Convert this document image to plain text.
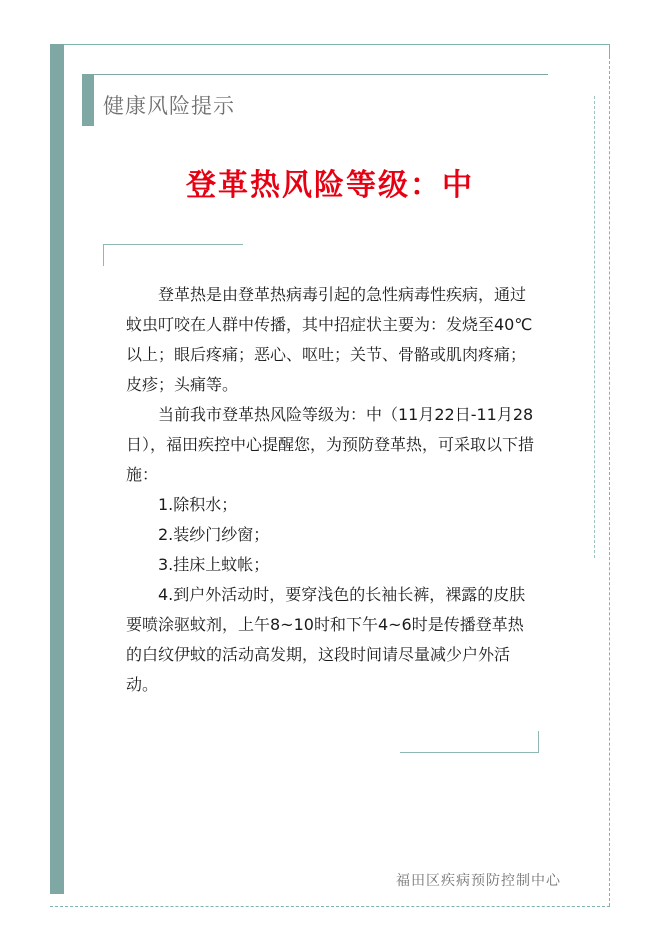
健康风险提示
登革热风险等级：中

登革热是由登革热病毒引起的急性病毒性疾病，通过蚊虫叮咬在人群中传播，其中招症状主要为：发烧至40℃以上；眼后疼痛；恶心、呕吐；关节、骨骼或肌肉疼痛；皮疹；头痛等。

当前我市登革热风险等级为：中（11月22日-11月28日），福田疾控中心提醒您，为预防登革热，可采取以下措施：

1.除积水；

2.装纱门纱窗；

3.挂床上蚊帐；

4.到户外活动时，要穿浅色的长袖长裤，裸露的皮肤要喷涂驱蚊剂，上午8~10时和下午4~6时是传播登革热的白纹伊蚊的活动高发期，这段时间请尽量减少户外活动。

福田区疾病预防控制中心
